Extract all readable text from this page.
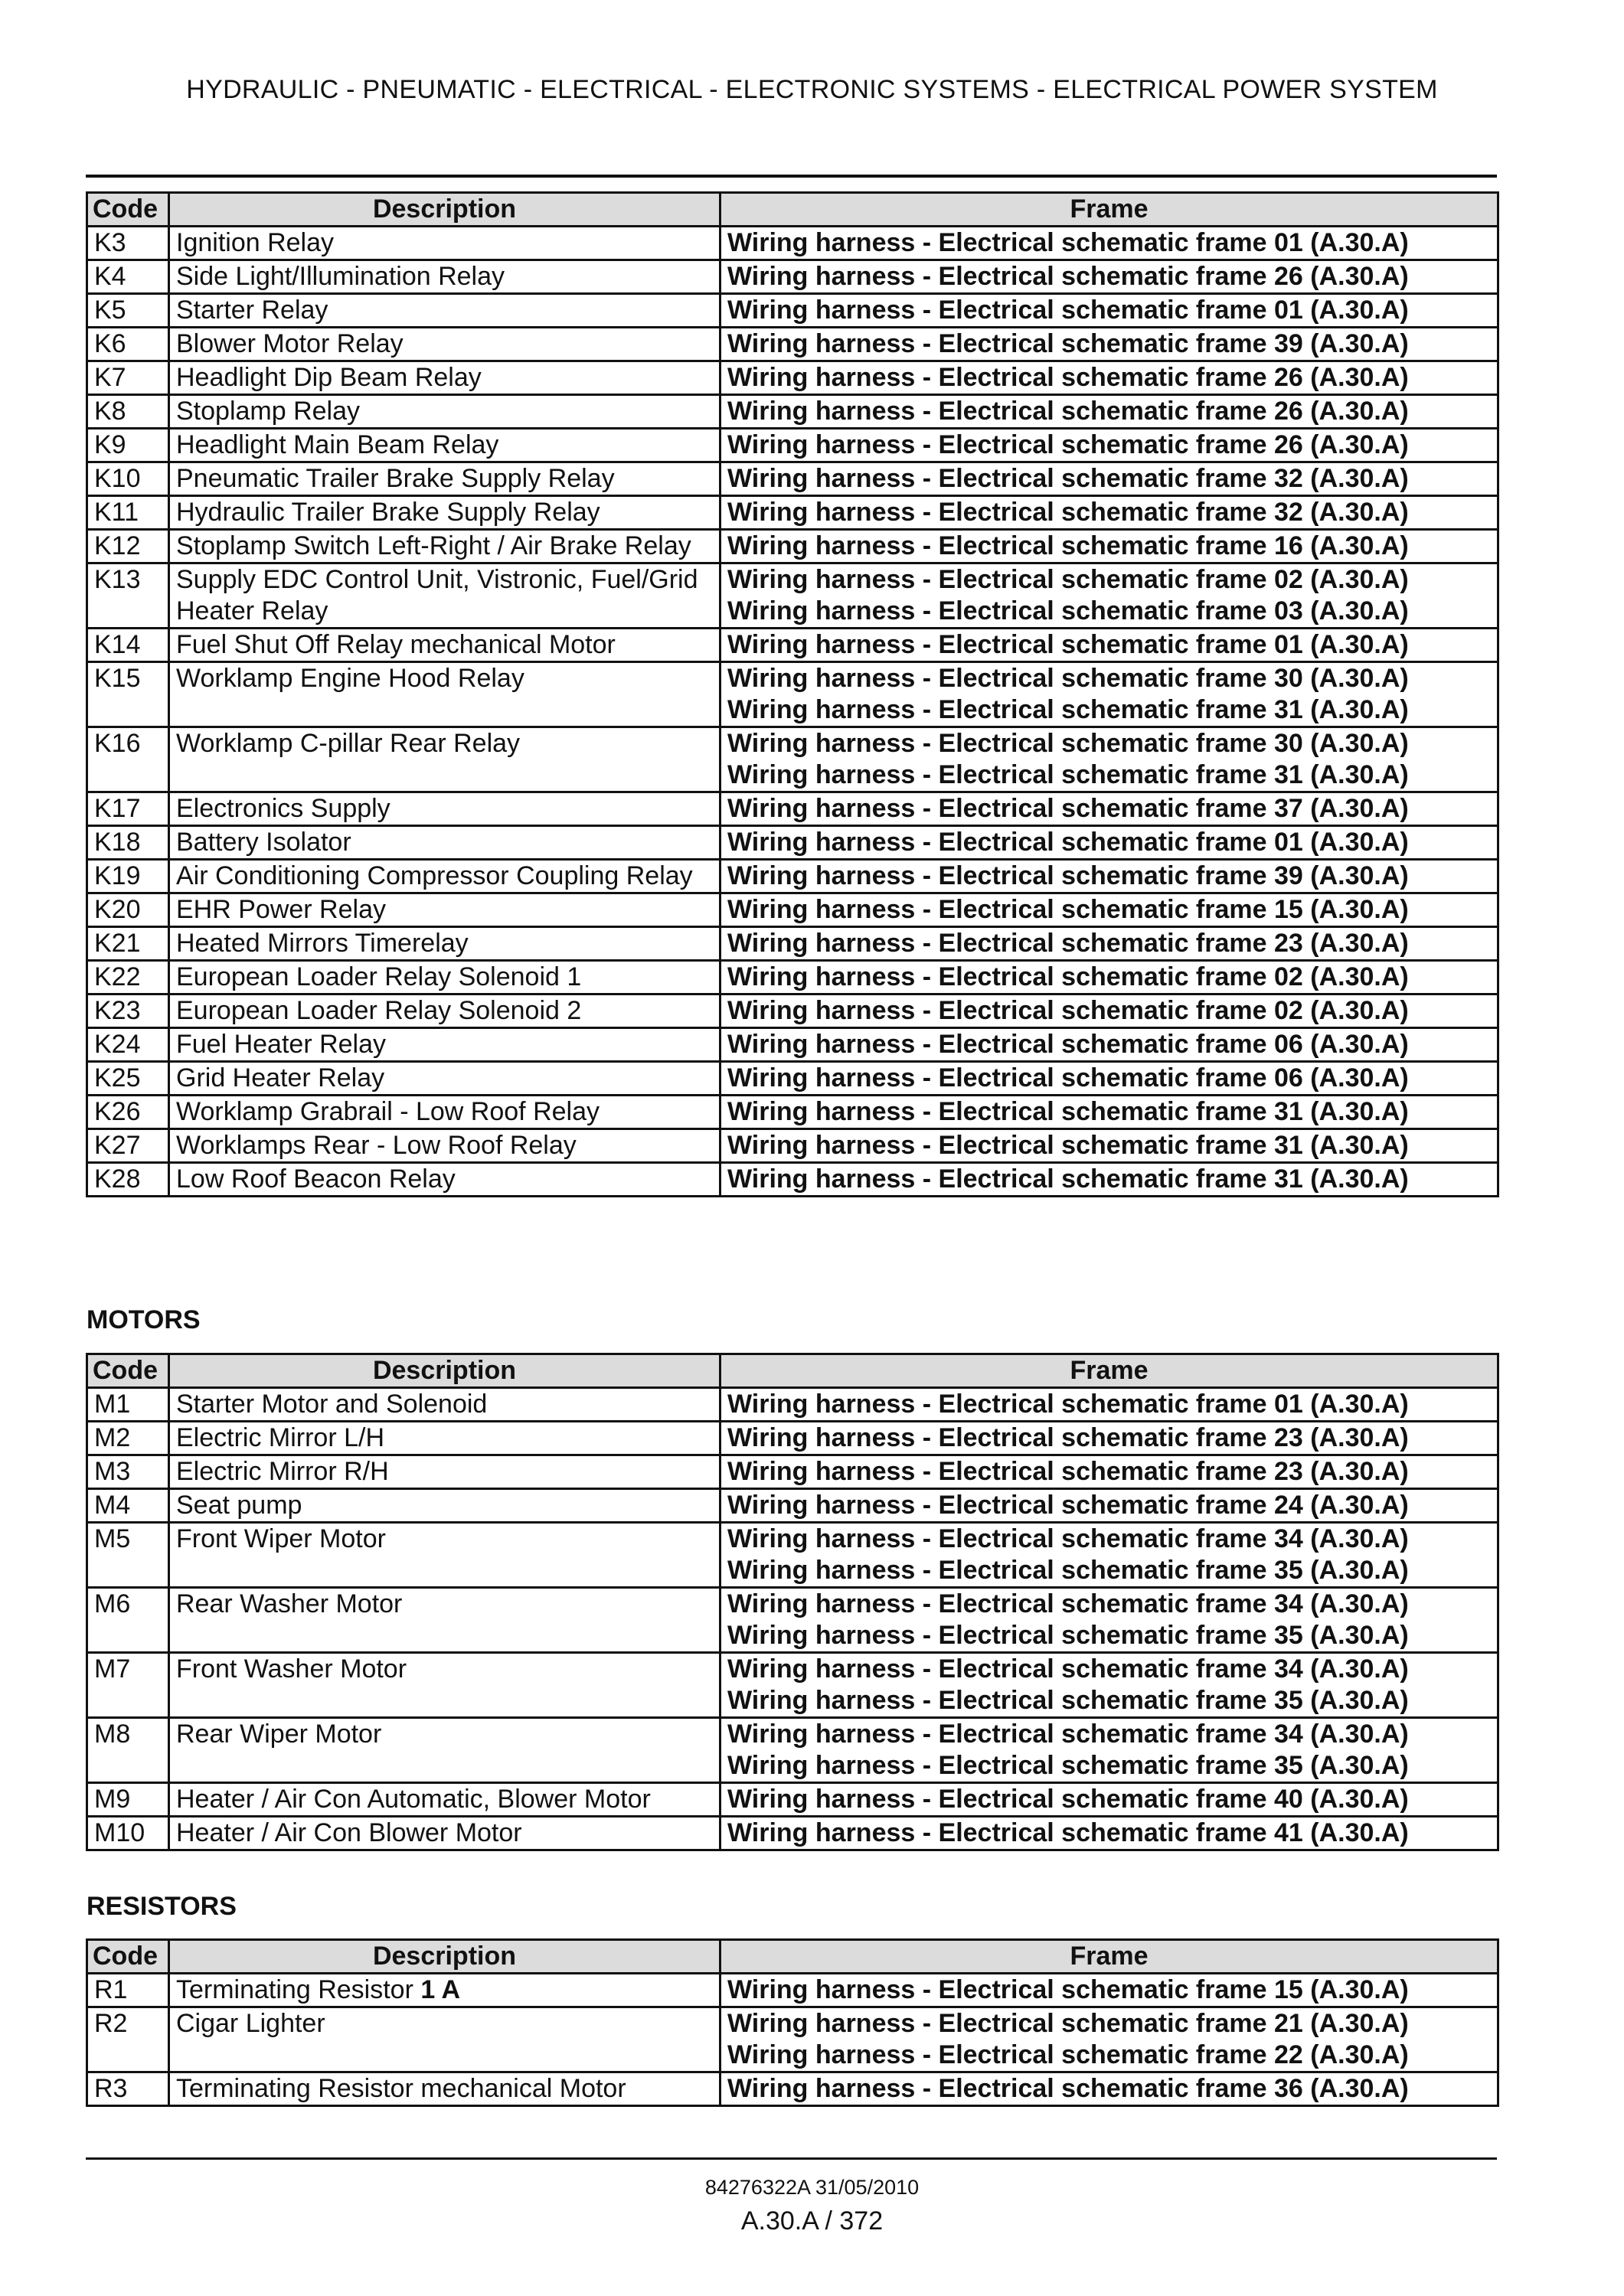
HYDRAULIC - PNEUMATIC - ELECTRICAL - ELECTRONIC SYSTEMS - ELECTRICAL POWER SYSTEM
Code	Description	Frame
K3	Ignition Relay	Wiring harness - Electrical schematic frame 01 (A.30.A)

K4	Side Light/Illumination Relay	Wiring harness - Electrical schematic frame 26 (A.30.A)

K5	Starter Relay	Wiring harness - Electrical schematic frame 01 (A.30.A)

K6	Blower Motor Relay	Wiring harness - Electrical schematic frame 39 (A.30.A)

K7	Headlight Dip Beam Relay	Wiring harness - Electrical schematic frame 26 (A.30.A)

K8	Stoplamp Relay	Wiring harness - Electrical schematic frame 26 (A.30.A)

K9	Headlight Main Beam Relay	Wiring harness - Electrical schematic frame 26 (A.30.A)

K10	Pneumatic Trailer Brake Supply Relay	Wiring harness - Electrical schematic frame 32 (A.30.A)

K11	Hydraulic Trailer Brake Supply Relay	Wiring harness - Electrical schematic frame 32 (A.30.A)

K12	Stoplamp Switch Left-Right / Air Brake Relay	Wiring harness - Electrical schematic frame 16 (A.30.A)

K13	Supply EDC Control Unit, Vistronic, Fuel/Grid Heater Relay	Wiring harness - Electrical schematic frame 02 (A.30.A)
Wiring harness - Electrical schematic frame 03 (A.30.A)

K14	Fuel Shut Off Relay mechanical Motor	Wiring harness - Electrical schematic frame 01 (A.30.A)

K15	Worklamp Engine Hood Relay	Wiring harness - Electrical schematic frame 30 (A.30.A)
Wiring harness - Electrical schematic frame 31 (A.30.A)

K16	Worklamp C-pillar Rear Relay	Wiring harness - Electrical schematic frame 30 (A.30.A)
Wiring harness - Electrical schematic frame 31 (A.30.A)

K17	Electronics Supply	Wiring harness - Electrical schematic frame 37 (A.30.A)

K18	Battery Isolator	Wiring harness - Electrical schematic frame 01 (A.30.A)

K19	Air Conditioning Compressor Coupling Relay	Wiring harness - Electrical schematic frame 39 (A.30.A)

K20	EHR Power Relay	Wiring harness - Electrical schematic frame 15 (A.30.A)

K21	Heated Mirrors Timerelay	Wiring harness - Electrical schematic frame 23 (A.30.A)

K22	European Loader Relay Solenoid 1	Wiring harness - Electrical schematic frame 02 (A.30.A)

K23	European Loader Relay Solenoid 2	Wiring harness - Electrical schematic frame 02 (A.30.A)

K24	Fuel Heater Relay	Wiring harness - Electrical schematic frame 06 (A.30.A)

K25	Grid Heater Relay	Wiring harness - Electrical schematic frame 06 (A.30.A)

K26	Worklamp Grabrail - Low Roof Relay	Wiring harness - Electrical schematic frame 31 (A.30.A)

K27	Worklamps Rear - Low Roof Relay	Wiring harness - Electrical schematic frame 31 (A.30.A)

K28	Low Roof Beacon Relay	Wiring harness - Electrical schematic frame 31 (A.30.A)
MOTORS
Code	Description	Frame
M1	Starter Motor and Solenoid	Wiring harness - Electrical schematic frame 01 (A.30.A)

M2	Electric Mirror L/H	Wiring harness - Electrical schematic frame 23 (A.30.A)

M3	Electric Mirror R/H	Wiring harness - Electrical schematic frame 23 (A.30.A)

M4	Seat pump	Wiring harness - Electrical schematic frame 24 (A.30.A)

M5	Front Wiper Motor	Wiring harness - Electrical schematic frame 34 (A.30.A)
Wiring harness - Electrical schematic frame 35 (A.30.A)

M6	Rear Washer Motor	Wiring harness - Electrical schematic frame 34 (A.30.A)
Wiring harness - Electrical schematic frame 35 (A.30.A)

M7	Front Washer Motor	Wiring harness - Electrical schematic frame 34 (A.30.A)
Wiring harness - Electrical schematic frame 35 (A.30.A)

M8	Rear Wiper Motor	Wiring harness - Electrical schematic frame 34 (A.30.A)
Wiring harness - Electrical schematic frame 35 (A.30.A)

M9	Heater / Air Con Automatic, Blower Motor	Wiring harness - Electrical schematic frame 40 (A.30.A)

M10	Heater / Air Con Blower Motor	Wiring harness - Electrical schematic frame 41 (A.30.A)
RESISTORS
Code	Description	Frame
R1	Terminating Resistor 1 A	Wiring harness - Electrical schematic frame 15 (A.30.A)

R2	Cigar Lighter	Wiring harness - Electrical schematic frame 21 (A.30.A)
Wiring harness - Electrical schematic frame 22 (A.30.A)

R3	Terminating Resistor mechanical Motor	Wiring harness - Electrical schematic frame 36 (A.30.A)
84276322A 31/05/2010
A.30.A / 372
